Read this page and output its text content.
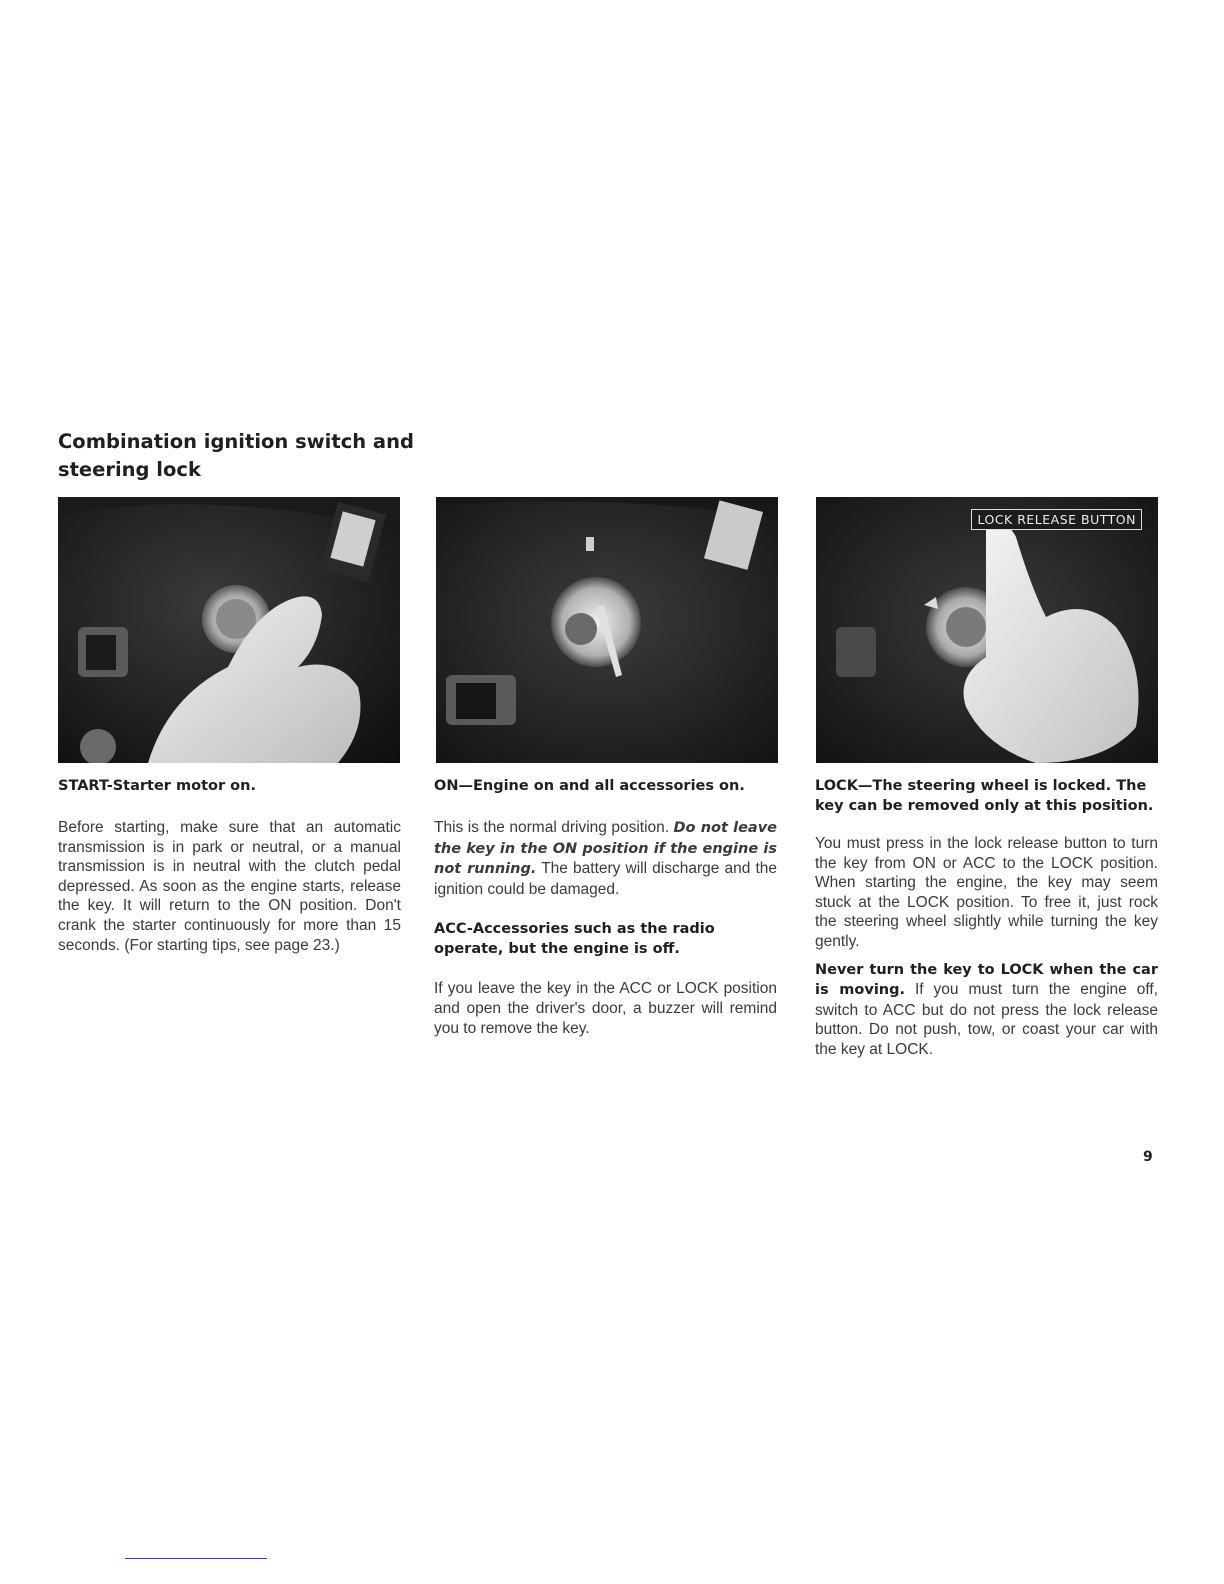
Combination ignition switch and steering lock
LOCK RELEASE BUTTON
START-Starter motor on.

Before starting, make sure that an automatic transmission is in park or neutral, or a manual transmission is in neutral with the clutch pedal depressed. As soon as the engine starts, release the key. It will return to the ON position. Don't crank the starter continuously for more than 15 seconds. (For starting tips, see page 23.)

ON—Engine on and all accessories on.

This is the normal driving position. Do not leave the key in the ON position if the engine is not running. The battery will discharge and the ignition could be damaged.

ACC-Accessories such as the radio operate, but the engine is off.

If you leave the key in the ACC or LOCK position and open the driver's door, a buzzer will remind you to remove the key.

LOCK—The steering wheel is locked. The key can be removed only at this position.

You must press in the lock release button to turn the key from ON or ACC to the LOCK position. When starting the engine, the key may seem stuck at the LOCK position. To free it, just rock the steering wheel slightly while turning the key gently.

Never turn the key to LOCK when the car is moving. If you must turn the engine off, switch to ACC but do not press the lock release button. Do not push, tow, or coast your car with the key at LOCK.

9
